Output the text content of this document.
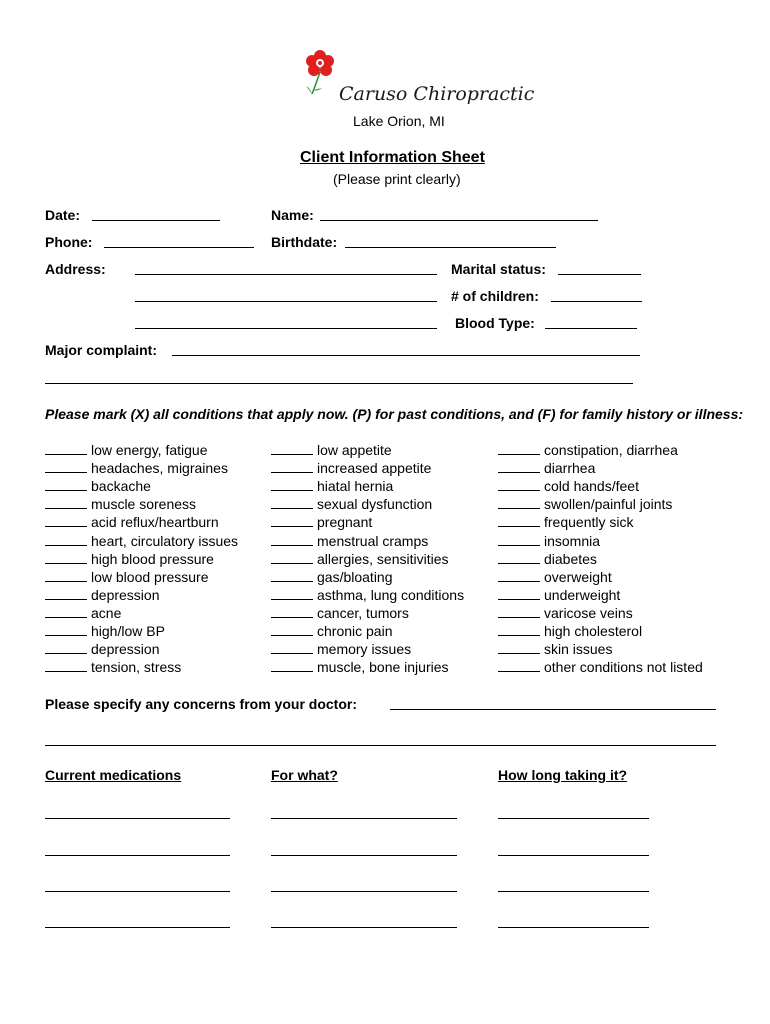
Caruso Chiropractic
Lake Orion, MI
Client Information Sheet
(Please print clearly)
Date:	Name:
Phone:	Birthdate:
Address:	Marital status:
# of children:
Blood Type:
Major complaint:
Please mark (X) all conditions that apply now. (P) for past conditions, and (F) for family history or illness:
low energy, fatigue
headaches, migraines
backache
muscle soreness
acid reflux/heartburn
heart, circulatory issues
high blood pressure
low blood pressure
depression
acne
high/low BP
depression
tension, stress
low appetite
increased appetite
hiatal hernia
sexual dysfunction
pregnant
menstrual cramps
allergies, sensitivities
gas/bloating
asthma, lung conditions
cancer, tumors
chronic pain
memory issues
muscle, bone injuries
constipation, diarrhea
diarrhea
cold hands/feet
swollen/painful joints
frequently sick
insomnia
diabetes
overweight
underweight
varicose veins
high cholesterol
skin issues
other conditions not listed
Please specify any concerns from your doctor:
Current medications	For what?	How long taking it?
